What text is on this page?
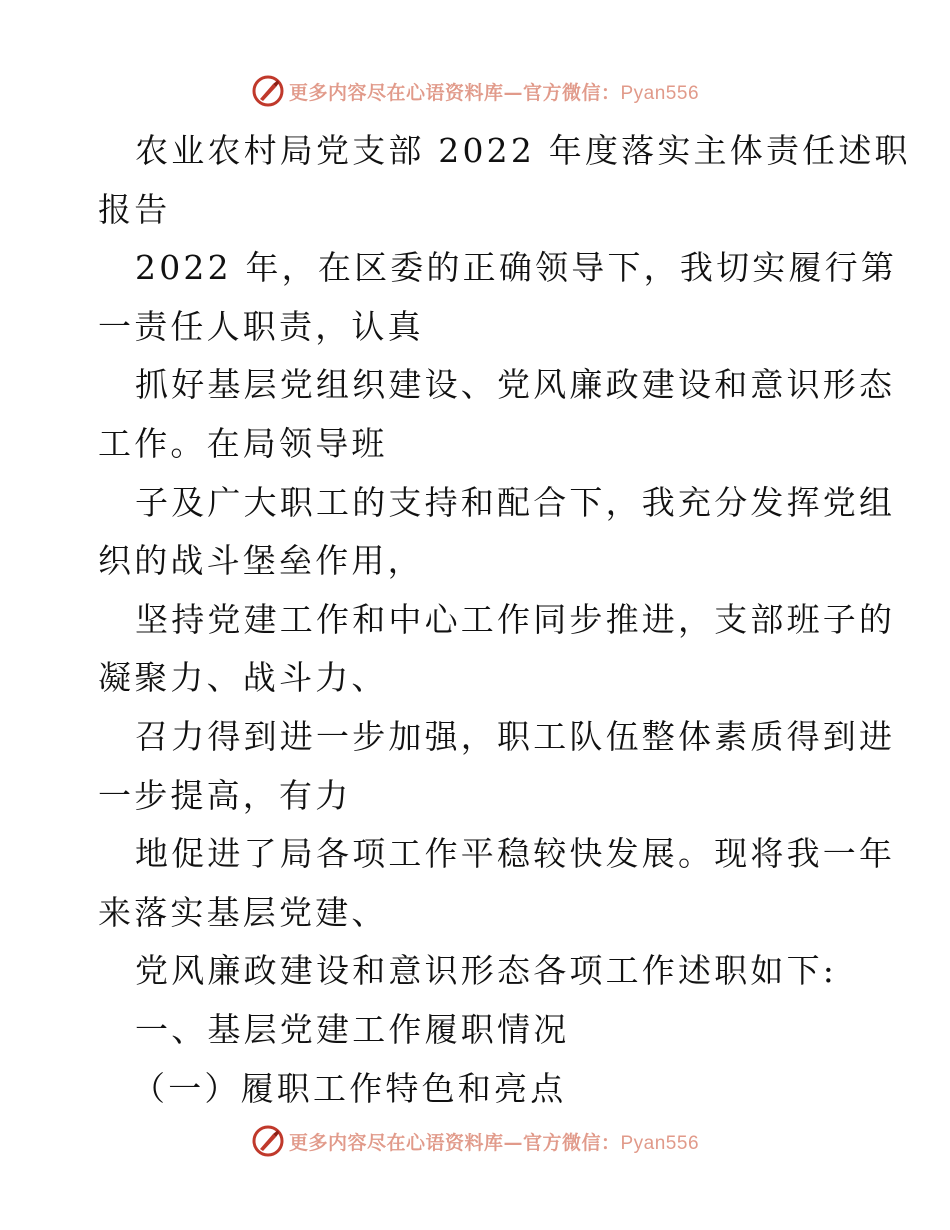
更多内容尽在心语资料库—官方微信：Pyan556
农业农村局党支部 2022 年度落实主体责任述职
报告
2022 年，在区委的正确领导下，我切实履行第
一责任人职责，认真
抓好基层党组织建设、党风廉政建设和意识形态
工作。在局领导班
子及广大职工的支持和配合下，我充分发挥党组
织的战斗堡垒作用，
坚持党建工作和中心工作同步推进，支部班子的
凝聚力、战斗力、
召力得到进一步加强，职工队伍整体素质得到进
一步提高，有力
地促进了局各项工作平稳较快发展。现将我一年
来落实基层党建、
党风廉政建设和意识形态各项工作述职如下:
一、基层党建工作履职情况
（一）履职工作特色和亮点
更多内容尽在心语资料库—官方微信：Pyan556
